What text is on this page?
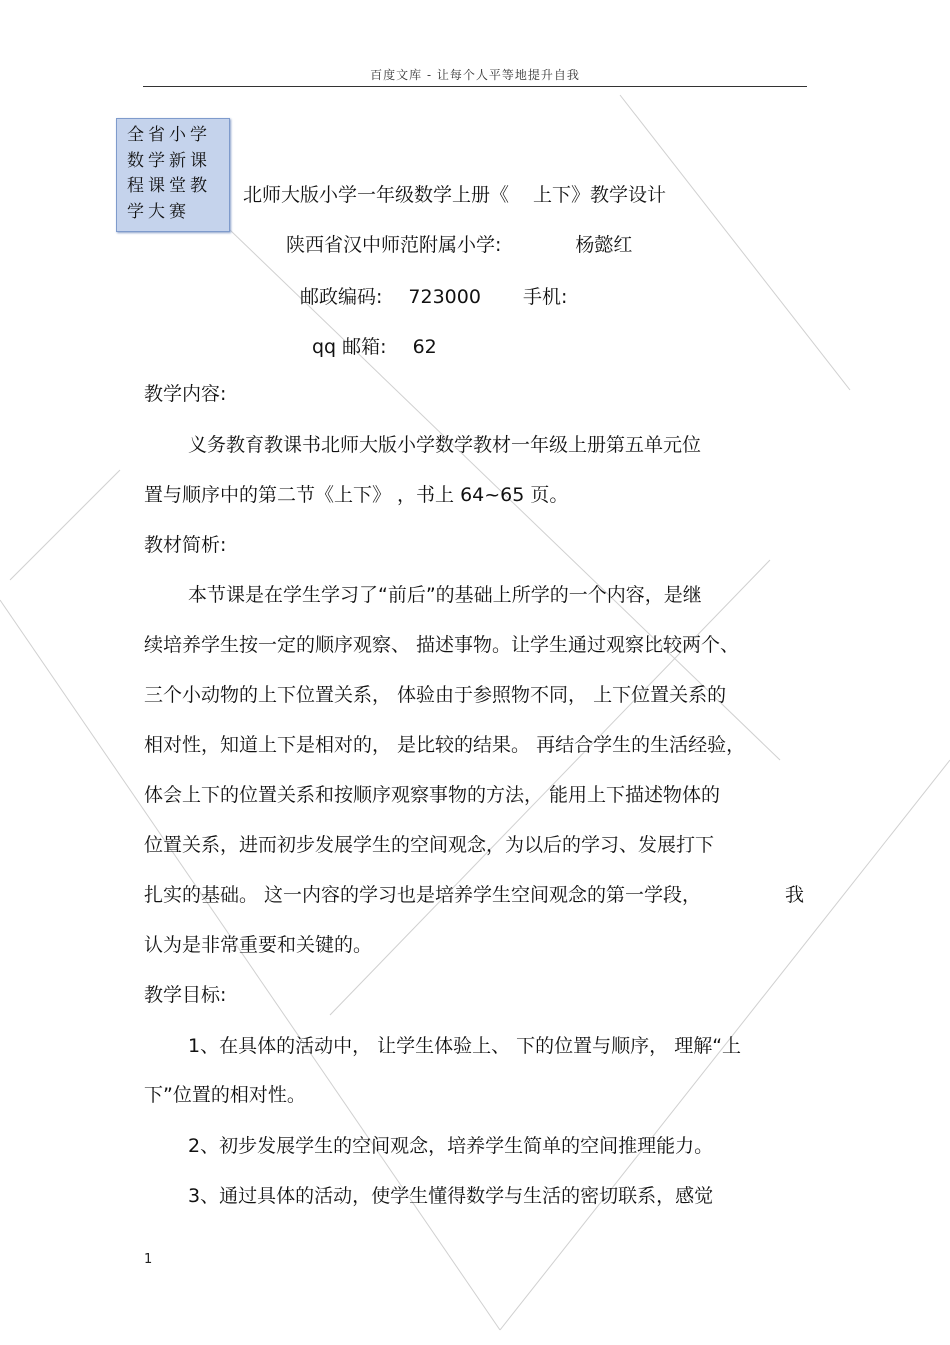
百度文库 - 让每个人平等地提升自我
全省小学数学新课程课堂教学大赛
北师大版小学一年级数学上册《 上下》教学设计
陕西省汉中师范附属小学:	杨懿红
邮政编码: 723000 手机:
qq 邮箱: 62
教学内容:
义务教育教课书北师大版小学数学教材一年级上册第五单元位
置与顺序中的第二节《上下》 ，书上 64~65 页。
教材简析:
本节课是在学生学习了“前后”的基础上所学的一个内容，是继
续培养学生按一定的顺序观察、 描述事物。让学生通过观察比较两个、
三个小动物的上下位置关系， 体验由于参照物不同， 上下位置关系的
相对性，知道上下是相对的， 是比较的结果。 再结合学生的生活经验，
体会上下的位置关系和按顺序观察事物的方法， 能用上下描述物体的
位置关系，进而初步发展学生的空间观念，为以后的学习、发展打下
扎实的基础。 这一内容的学习也是培养学生空间观念的第一学段，	我
认为是非常重要和关键的。
教学目标:
1、在具体的活动中， 让学生体验上、 下的位置与顺序， 理解“上
下”位置的相对性。
2、初步发展学生的空间观念，培养学生简单的空间推理能力。
3、通过具体的活动，使学生懂得数学与生活的密切联系，感觉
1
